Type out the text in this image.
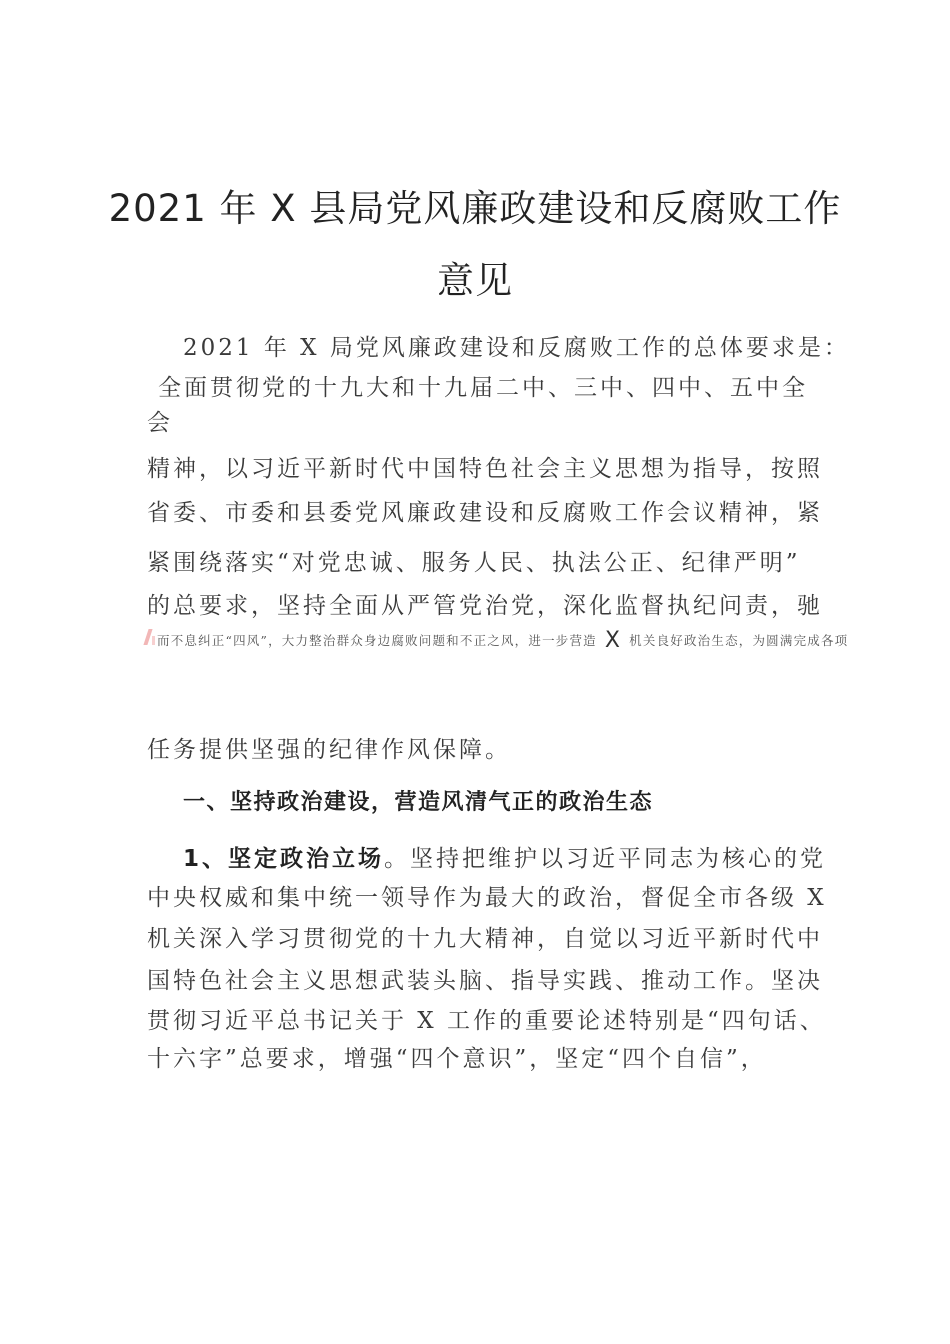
2021 年 X 县局党风廉政建设和反腐败工作
意见
2021 年 X 局党风廉政建设和反腐败工作的总体要求是：
全面贯彻党的十九大和十九届二中、三中、四中、五中全
会
精神，以习近平新时代中国特色社会主义思想为指导，按照
省委、市委和县委党风廉政建设和反腐败工作会议精神，紧
紧围绕落实“对党忠诚、服务人民、执法公正、纪律严明”
的总要求，坚持全面从严管党治党，深化监督执纪问责，驰
而不息纠正“四风”，大力整治群众身边腐败问题和不正之风，进一步营造 X 机关良好政治生态，为圆满完成各项
任务提供坚强的纪律作风保障。
一、坚持政治建设，营造风清气正的政治生态
1、坚定政治立场。坚持把维护以习近平同志为核心的党
中央权威和集中统一领导作为最大的政治，督促全市各级 X
机关深入学习贯彻党的十九大精神，自觉以习近平新时代中
国特色社会主义思想武装头脑、指导实践、推动工作。坚决
贯彻习近平总书记关于 X 工作的重要论述特别是“四句话、
十六字”总要求，增强“四个意识”，坚定“四个自信”，
